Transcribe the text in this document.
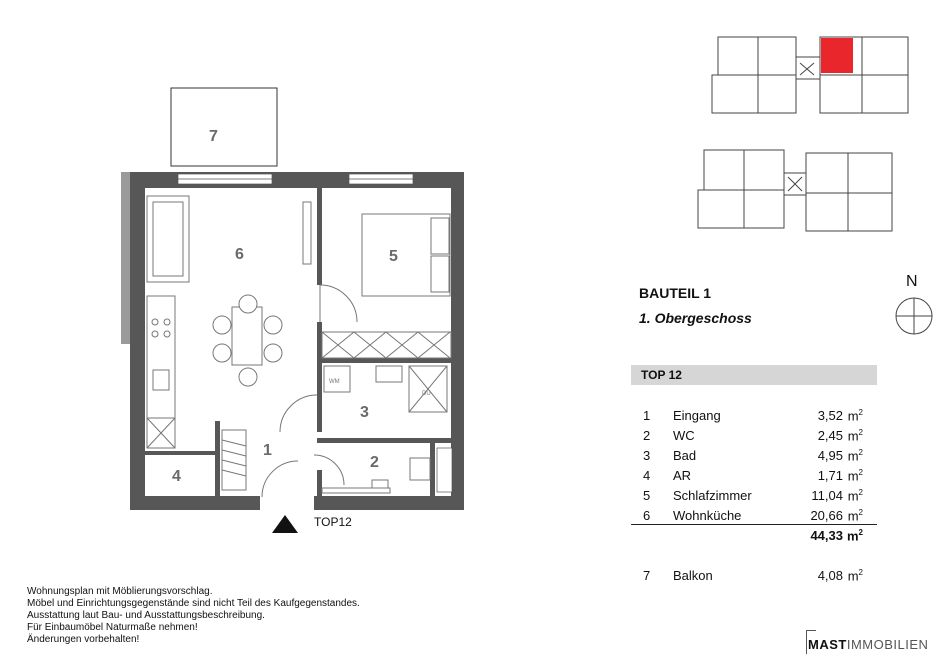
7
6	5
WM
DU
3
2
1
4
TOP12
N
BAUTEIL 1
1. Obergeschoss
TOP 12
1 Eingang	3,52 $m^2$
2 WC	2,45 $m^2$
3 Bad	4,95 $m^2$
4 AR	1,71 $m^2$
5 Schlafzimmer	11,04 $m^2$
6 Wohnküche	20,66 $m^2$
44,33 $m^2$
7 Balkon	4,08 $m^2$
Wohnungsplan mit Möblierungsvorschlag.
Möbel und Einrichtungsgegenstände sind nicht Teil des Kaufgegenstandes.
Ausstattung laut Bau- und Ausstattungsbeschreibung.
Für Einbaumöbel Naturmaße nehmen!
Änderungen vorbehalten!	MASTIMMOBILIEN
